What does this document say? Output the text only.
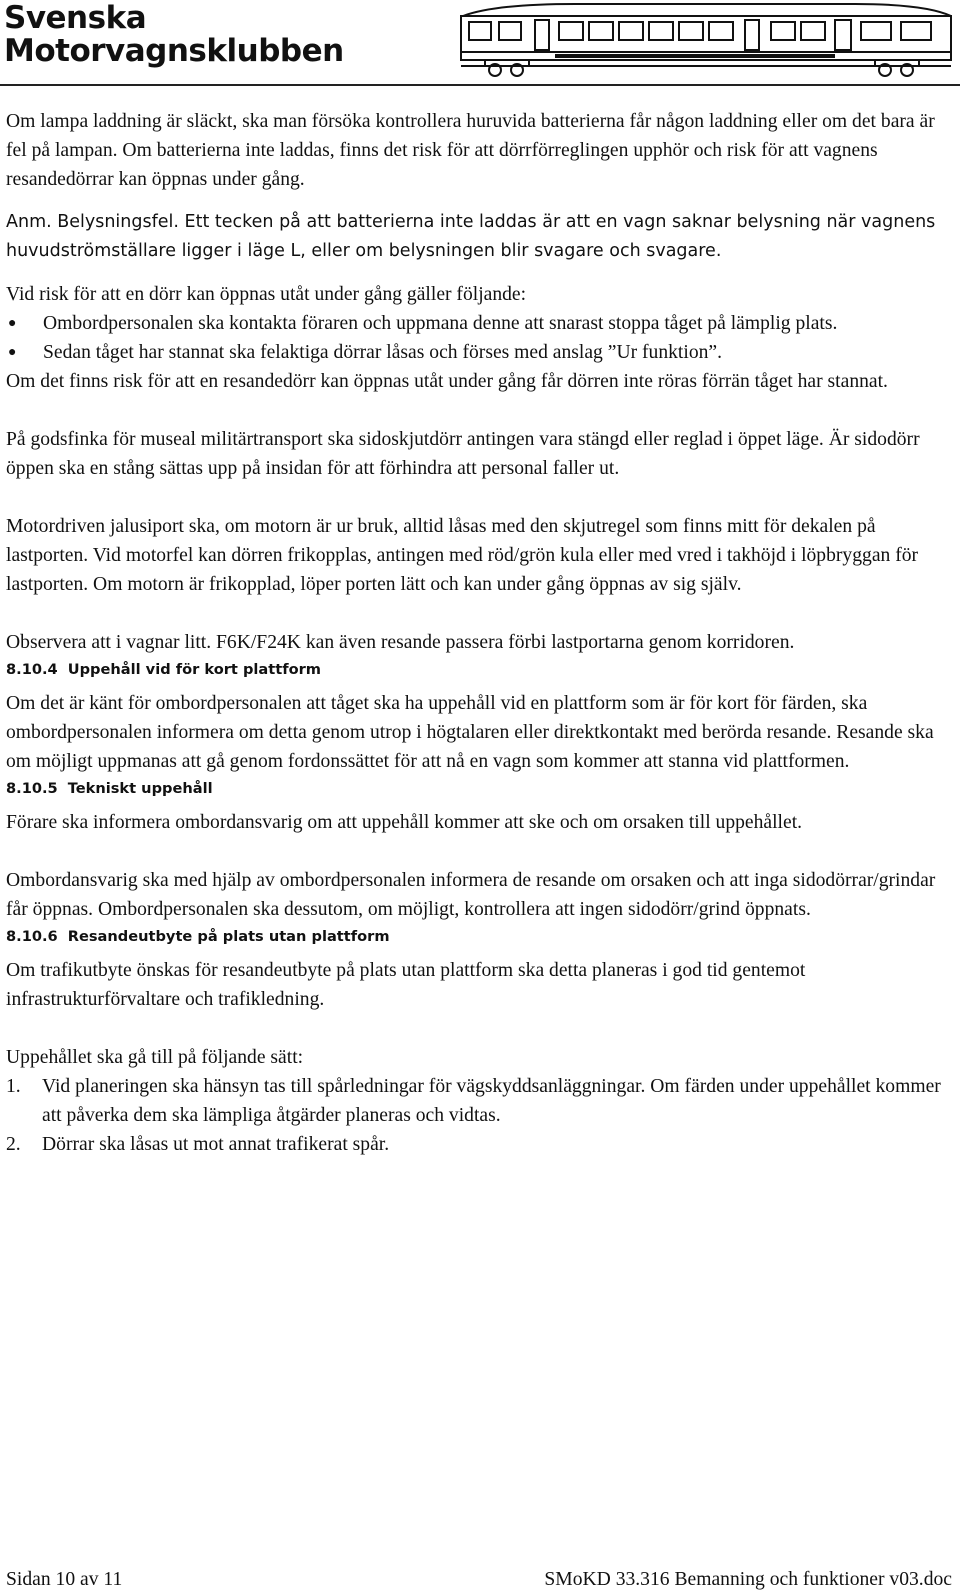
Svenska
Motorvagnsklubben

Om lampa laddning är släckt, ska man försöka kontrollera huruvida batterierna får någon laddning eller om det bara är fel på lampan. Om batterierna inte laddas, finns det risk för att dörrförreglingen upphör och risk för att vagnens resandedörrar kan öppnas under gång.

Anm. Belysningsfel. Ett tecken på att batterierna inte laddas är att en vagn saknar belysning när vagnens huvudströmställare ligger i läge L, eller om belysningen blir svagare och svagare.

Vid risk för att en dörr kan öppnas utåt under gång gäller följande:

●	Ombordpersonalen ska kontakta föraren och uppmana denne att snarast stoppa tåget på lämplig plats.
●	Sedan tåget har stannat ska felaktiga dörrar låsas och förses med anslag ”Ur funktion”.

Om det finns risk för att en resandedörr kan öppnas utåt under gång får dörren inte röras förrän tåget har stannat.

På godsfinka för museal militärtransport ska sidoskjutdörr antingen vara stängd eller reglad i öppet läge. Är sidodörr öppen ska en stång sättas upp på insidan för att förhindra att personal faller ut.

Motordriven jalusiport ska, om motorn är ur bruk, alltid låsas med den skjutregel som finns mitt för dekalen på lastporten. Vid motorfel kan dörren frikopplas, antingen med röd/grön kula eller med vred i takhöjd i löpbryggan för lastporten. Om motorn är frikopplad, löper porten lätt och kan under gång öppnas av sig själv.

Observera att i vagnar litt. F6K/F24K kan även resande passera förbi lastportarna genom korridoren.

8.10.4 Uppehåll vid för kort plattform

Om det är känt för ombordpersonalen att tåget ska ha uppehåll vid en plattform som är för kort för färden, ska ombordpersonalen informera om detta genom utrop i högtalaren eller direktkontakt med berörda resande. Resande ska om möjligt uppmanas att gå genom fordonssättet för att nå en vagn som kommer att stanna vid plattformen.

8.10.5 Tekniskt uppehåll

Förare ska informera ombordansvarig om att uppehåll kommer att ske och om orsaken till uppehållet.

Ombordansvarig ska med hjälp av ombordpersonalen informera de resande om orsaken och att inga sidodörrar/grindar får öppnas. Ombordpersonalen ska dessutom, om möjligt, kontrollera att ingen sidodörr/grind öppnats.

8.10.6 Resandeutbyte på plats utan plattform

Om trafikutbyte önskas för resandeutbyte på plats utan plattform ska detta planeras i god tid gentemot infrastrukturförvaltare och trafikledning.

Uppehållet ska gå till på följande sätt:

1.	Vid planeringen ska hänsyn tas till spårledningar för vägskyddsanläggningar. Om färden under uppehållet kommer att påverka dem ska lämpliga åtgärder planeras och vidtas.
2.	Dörrar ska låsas ut mot annat trafikerat spår.
Sidan 10 av 11	SMoKD 33.316 Bemanning och funktioner v03.doc
